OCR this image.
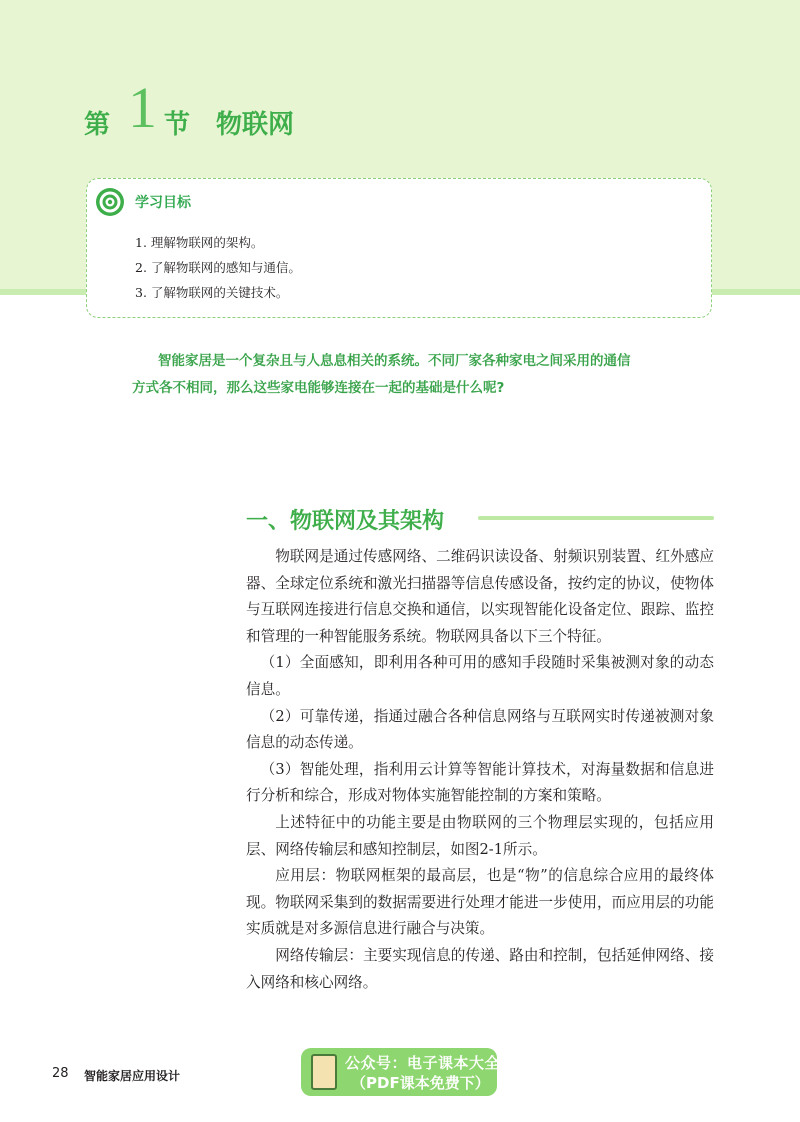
第 1 节 物联网
学习目标
1. 理解物联网的架构。
2. 了解物联网的感知与通信。
3. 了解物联网的关键技术。

智能家居是一个复杂且与人息息相关的系统。不同厂家各种家电之间采用的通信

方式各不相同，那么这些家电能够连接在一起的基础是什么呢?

一、物联网及其架构

物联网是通过传感网络、二维码识读设备、射频识别装置、红外感应器、全球定位系统和激光扫描器等信息传感设备，按约定的协议，使物体与互联网连接进行信息交换和通信，以实现智能化设备定位、跟踪、监控和管理的一种智能服务系统。物联网具备以下三个特征。

（1）全面感知，即利用各种可用的感知手段随时采集被测对象的动态信息。

（2）可靠传递，指通过融合各种信息网络与互联网实时传递被测对象信息的动态传递。

（3）智能处理，指利用云计算等智能计算技术，对海量数据和信息进行分析和综合，形成对物体实施智能控制的方案和策略。

上述特征中的功能主要是由物联网的三个物理层实现的，包括应用层、网络传输层和感知控制层，如图2-1所示。

应用层：物联网框架的最高层，也是“物”的信息综合应用的最终体现。物联网采集到的数据需要进行处理才能进一步使用，而应用层的功能实质就是对多源信息进行融合与决策。

网络传输层：主要实现信息的传递、路由和控制，包括延伸网络、接入网络和核心网络。

28 智能家居应用设计
公众号：电子课本大全
（PDF课本免费下）
